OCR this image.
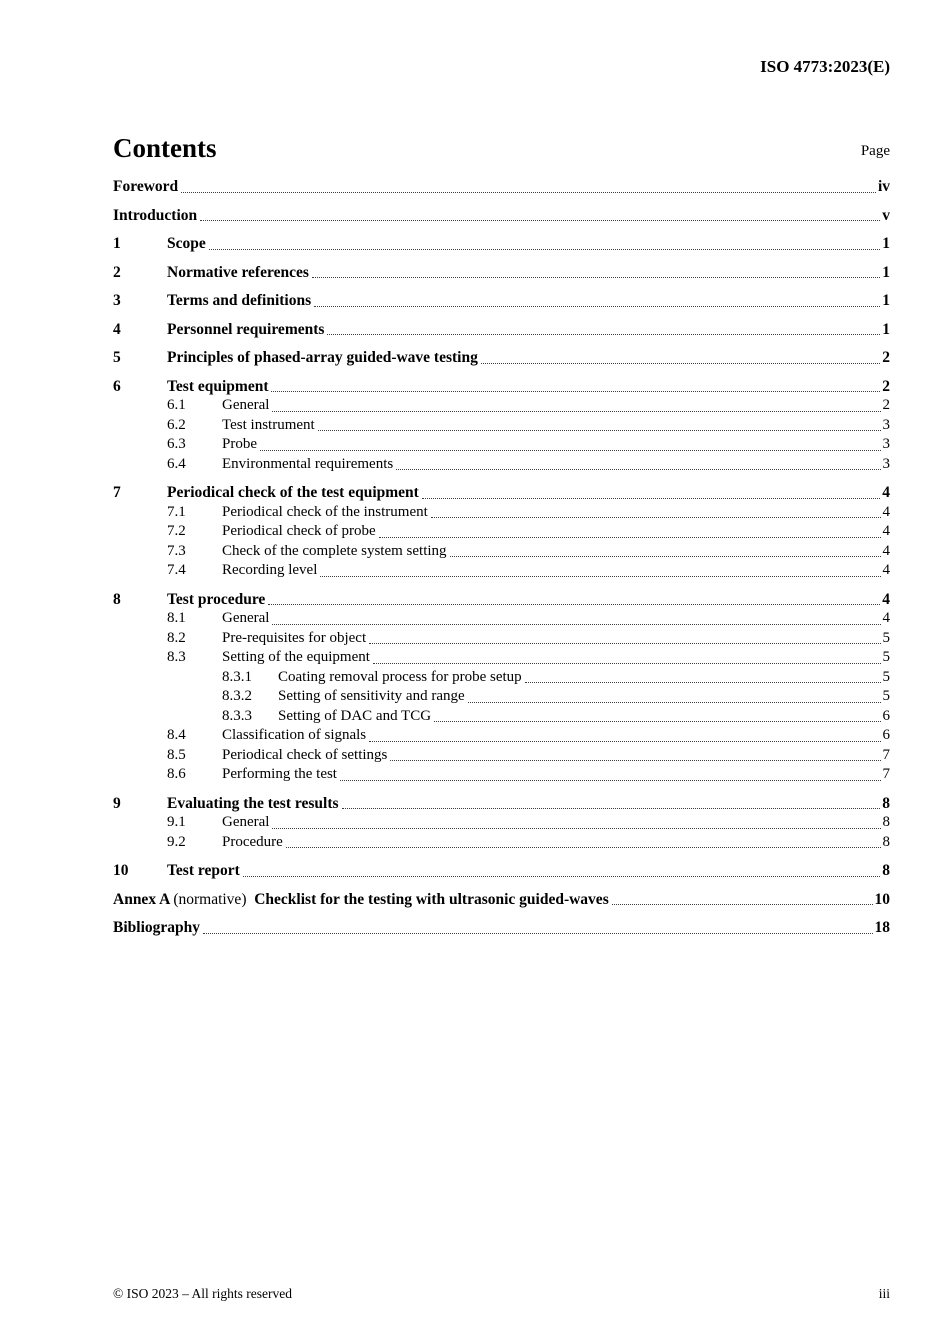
ISO 4773:2023(E)
Contents	Page
Foreword	iv
Introduction	v
1	Scope	1
2	Normative references	1
3	Terms and definitions	1
4	Personnel requirements	1
5	Principles of phased-array guided-wave testing	2
6	Test equipment	2
6.1	General	2
6.2	Test instrument	3
6.3	Probe	3
6.4	Environmental requirements	3
7	Periodical check of the test equipment	4
7.1	Periodical check of the instrument	4
7.2	Periodical check of probe	4
7.3	Check of the complete system setting	4
7.4	Recording level	4
8	Test procedure	4
8.1	General	4
8.2	Pre-requisites for object	5
8.3	Setting of the equipment	5
8.3.1	Coating removal process for probe setup	5
8.3.2	Setting of sensitivity and range	5
8.3.3	Setting of DAC and TCG	6
8.4	Classification of signals	6
8.5	Periodical check of settings	7
8.6	Performing the test	7
9	Evaluating the test results	8
9.1	General	8
9.2	Procedure	8
10	Test report	8
Annex A (normative) Checklist for the testing with ultrasonic guided-waves	10
Bibliography	18
© ISO 2023 – All rights reserved	iii
